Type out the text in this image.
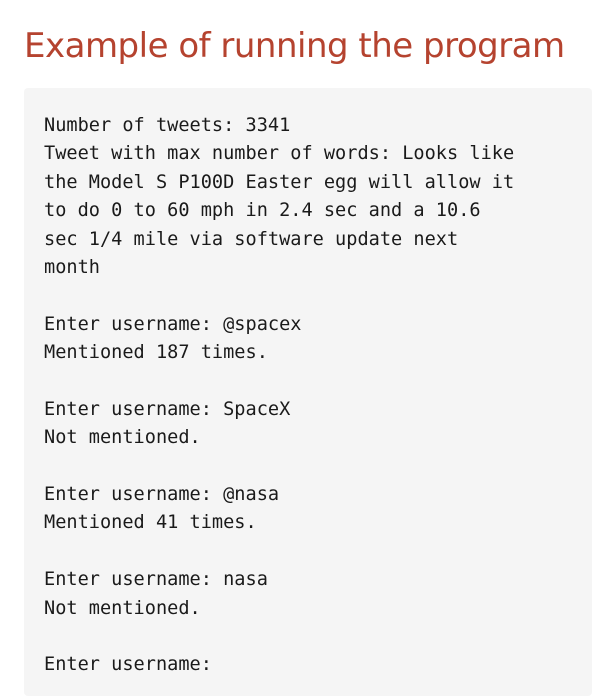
Example of running the program
Number of tweets: 3341
Tweet with max number of words: Looks like
the Model S P100D Easter egg will allow it
to do 0 to 60 mph in 2.4 sec and a 10.6
sec 1/4 mile via software update next
month
Enter username: @spacex
Mentioned 187 times.
Enter username: SpaceX
Not mentioned.
Enter username: @nasa
Mentioned 41 times.
Enter username: nasa
Not mentioned.
Enter username:
